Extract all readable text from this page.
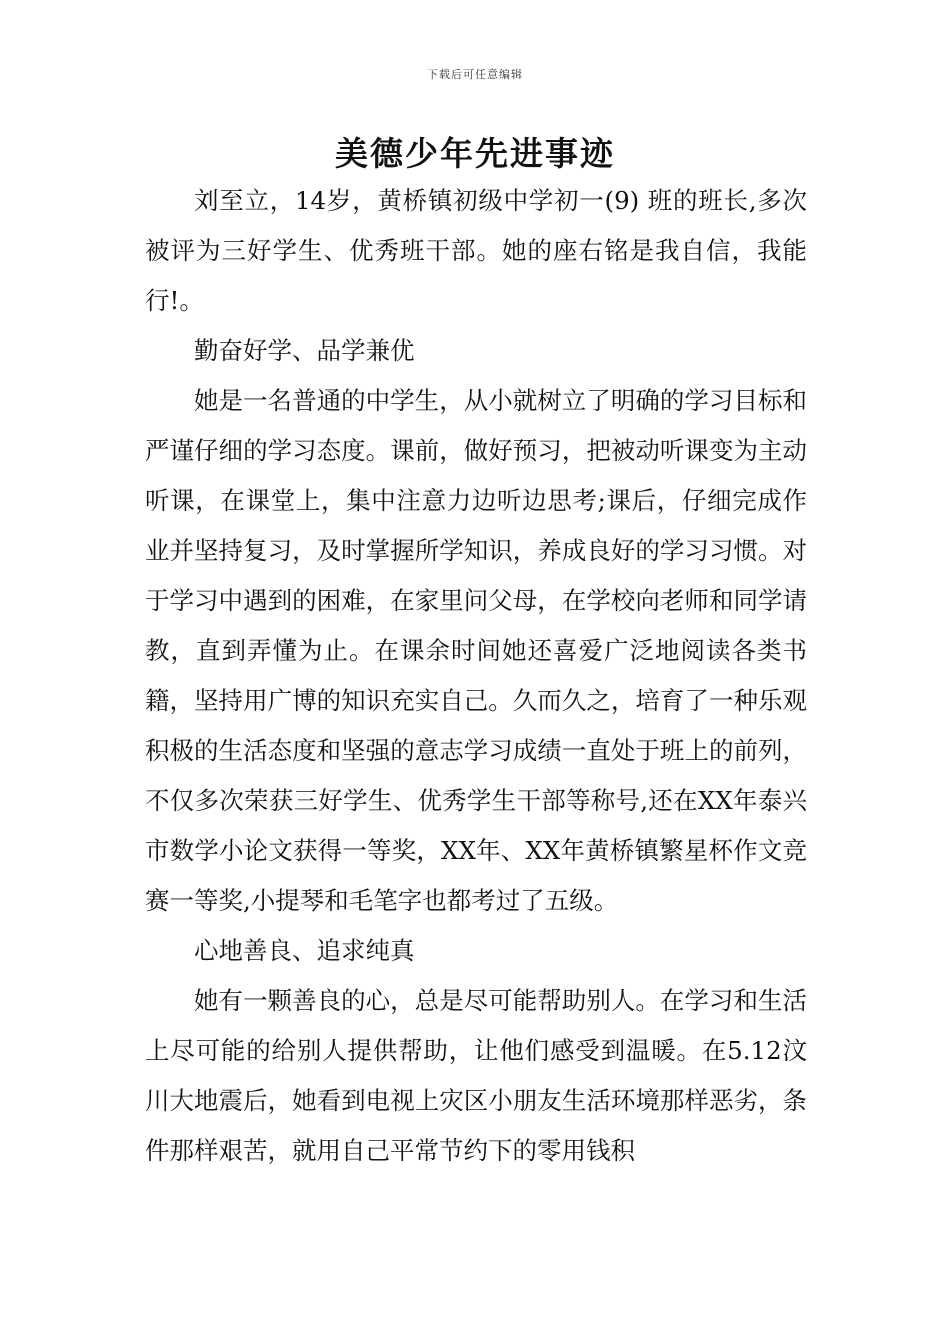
下载后可任意编辑
美德少年先进事迹

刘至立，14岁，黄桥镇初级中学初一(9) 班的班长,多次被评为三好学生、优秀班干部。她的座右铭是我自信，我能行!。

勤奋好学、品学兼优

她是一名普通的中学生，从小就树立了明确的学习目标和严谨仔细的学习态度。课前，做好预习，把被动听课变为主动听课，在课堂上，集中注意力边听边思考;课后，仔细完成作业并坚持复习，及时掌握所学知识，养成良好的学习习惯。对于学习中遇到的困难，在家里问父母，在学校向老师和同学请教，直到弄懂为止。在课余时间她还喜爱广泛地阅读各类书籍，坚持用广博的知识充实自己。久而久之，培育了一种乐观积极的生活态度和坚强的意志学习成绩一直处于班上的前列，不仅多次荣获三好学生、优秀学生干部等称号,还在XX年泰兴市数学小论文获得一等奖，XX年、XX年黄桥镇繁星杯作文竞赛一等奖,小提琴和毛笔字也都考过了五级。

心地善良、追求纯真

她有一颗善良的心，总是尽可能帮助别人。在学习和生活上尽可能的给别人提供帮助，让他们感受到温暖。在5.12汶川大地震后，她看到电视上灾区小朋友生活环境那样恶劣，条件那样艰苦，就用自己平常节约下的零用钱积
